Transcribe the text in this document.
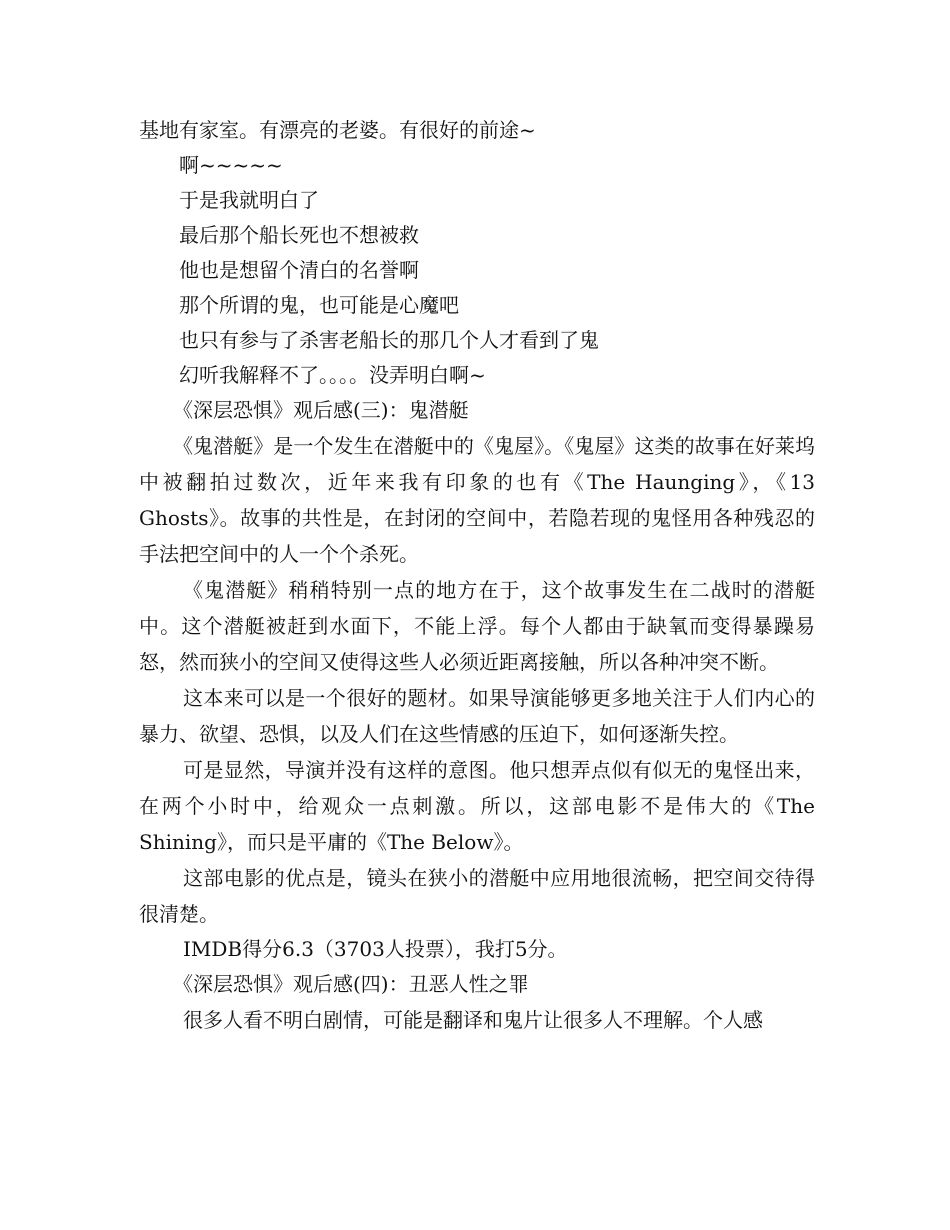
基地有家室。有漂亮的老婆。有很好的前途~
啊~~~~~
于是我就明白了
最后那个船长死也不想被救
他也是想留个清白的名誉啊
那个所谓的鬼，也可能是心魔吧
也只有参与了杀害老船长的那几个人才看到了鬼
幻听我解释不了。。。。没弄明白啊~
《深层恐惧》观后感(三)：鬼潜艇

《鬼潜艇》是一个发生在潜艇中的《鬼屋》。《鬼屋》这类的故事在好莱坞中被翻拍过数次，近年来我有印象的也有《The Haunging》，《13 Ghosts》。故事的共性是，在封闭的空间中，若隐若现的鬼怪用各种残忍的手法把空间中的人一个个杀死。

《鬼潜艇》稍稍特别一点的地方在于，这个故事发生在二战时的潜艇中。这个潜艇被赶到水面下，不能上浮。每个人都由于缺氧而变得暴躁易怒，然而狭小的空间又使得这些人必须近距离接触，所以各种冲突不断。

这本来可以是一个很好的题材。如果导演能够更多地关注于人们内心的暴力、欲望、恐惧，以及人们在这些情感的压迫下，如何逐渐失控。

可是显然，导演并没有这样的意图。他只想弄点似有似无的鬼怪出来，在两个小时中，给观众一点刺激。所以，这部电影不是伟大的《The Shining》，而只是平庸的《The Below》。

这部电影的优点是，镜头在狭小的潜艇中应用地很流畅，把空间交待得很清楚。

IMDB得分6.3（3703人投票），我打5分。
《深层恐惧》观后感(四)：丑恶人性之罪

很多人看不明白剧情，可能是翻译和鬼片让很多人不理解。个人感
